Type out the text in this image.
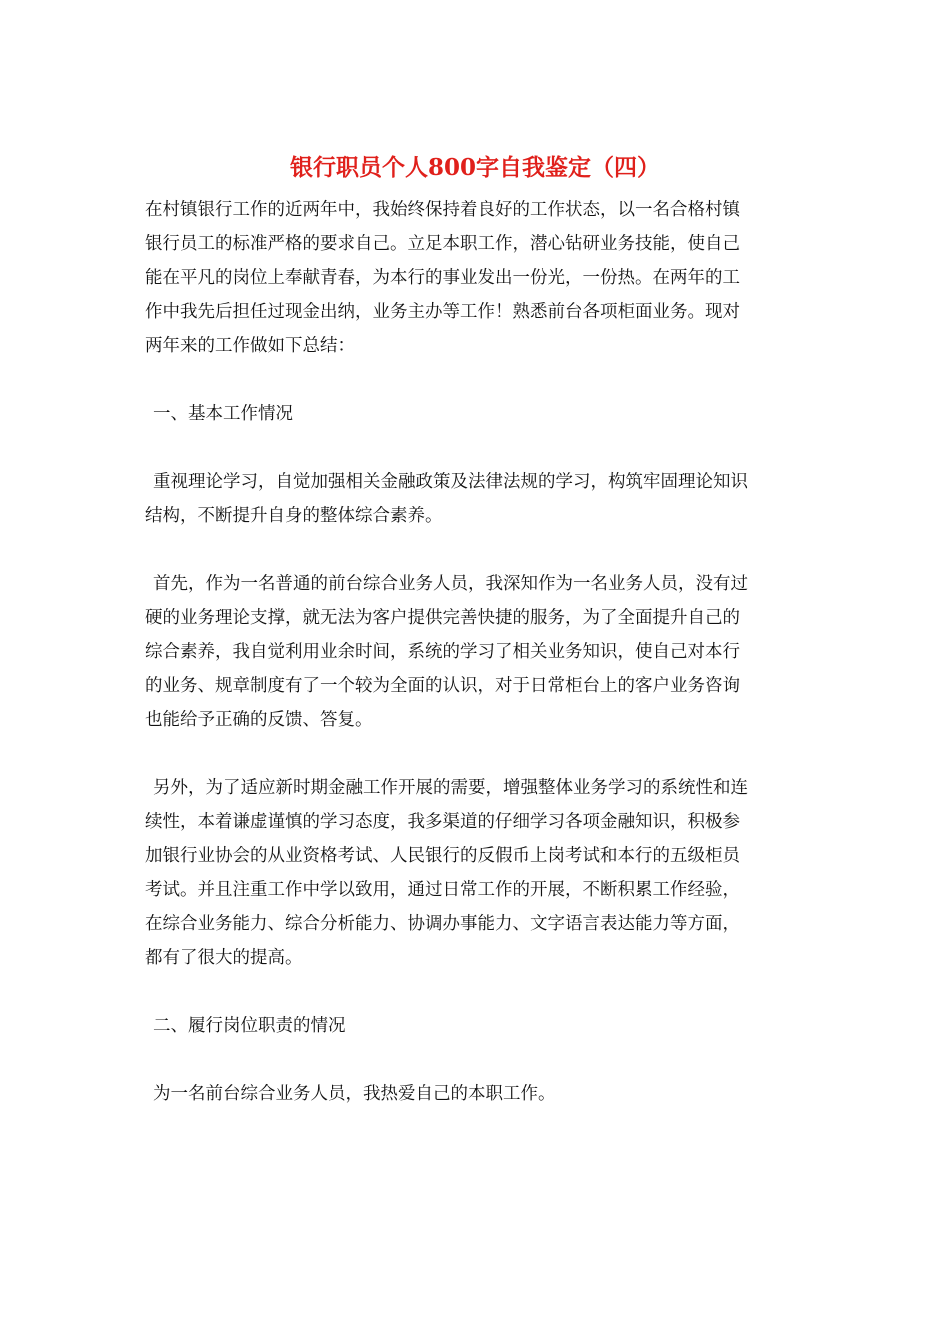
银行职员个人800字自我鉴定（四）
在村镇银行工作的近两年中，我始终保持着良好的工作状态，以一名合格村镇
银行员工的标准严格的要求自己。立足本职工作，潜心钻研业务技能，使自己
能在平凡的岗位上奉献青春，为本行的事业发出一份光，一份热。在两年的工
作中我先后担任过现金出纳，业务主办等工作！熟悉前台各项柜面业务。现对
两年来的工作做如下总结：
一、基本工作情况
重视理论学习，自觉加强相关金融政策及法律法规的学习，构筑牢固理论知识
结构，不断提升自身的整体综合素养。
首先，作为一名普通的前台综合业务人员，我深知作为一名业务人员，没有过
硬的业务理论支撑，就无法为客户提供完善快捷的服务，为了全面提升自己的
综合素养，我自觉利用业余时间，系统的学习了相关业务知识，使自己对本行
的业务、规章制度有了一个较为全面的认识，对于日常柜台上的客户业务咨询
也能给予正确的反馈、答复。
另外，为了适应新时期金融工作开展的需要，增强整体业务学习的系统性和连
续性，本着谦虚谨慎的学习态度，我多渠道的仔细学习各项金融知识，积极参
加银行业协会的从业资格考试、人民银行的反假币上岗考试和本行的五级柜员
考试。并且注重工作中学以致用，通过日常工作的开展，不断积累工作经验，
在综合业务能力、综合分析能力、协调办事能力、文字语言表达能力等方面，
都有了很大的提高。
二、履行岗位职责的情况
为一名前台综合业务人员，我热爱自己的本职工作。
